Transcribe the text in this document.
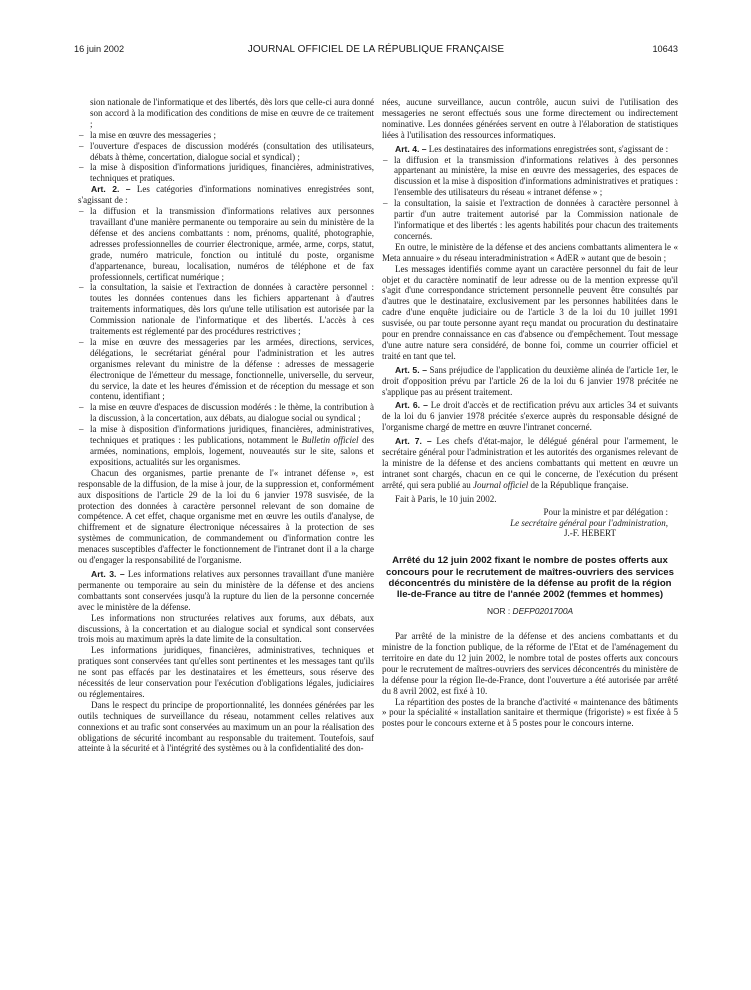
16 juin 2002	JOURNAL OFFICIEL DE LA RÉPUBLIQUE FRANÇAISE	10643
sion nationale de l'informatique et des libertés, dès lors que celle-ci aura donné son accord à la modification des conditions de mise en œuvre de ce traitement ;
– la mise en œuvre des messageries ;
– l'ouverture d'espaces de discussion modérés (consultation des utilisateurs, débats à thème, concertation, dialogue social et syndical) ;
– la mise à disposition d'informations juridiques, financières, administratives, techniques et pratiques.

Art. 2. – Les catégories d'informations nominatives enregistrées sont, s'agissant de :

– la diffusion et la transmission d'informations relatives aux personnes travaillant d'une manière permanente ou temporaire au sein du ministère de la défense et des anciens combattants : nom, prénoms, qualité, photographie, adresses professionnelles de courrier électronique, armée, arme, corps, statut, grade, numéro matricule, fonction ou intitulé du poste, organisme d'appartenance, bureau, localisation, numéros de téléphone et de fax professionnels, certificat numérique ;
– la consultation, la saisie et l'extraction de données à caractère personnel : toutes les données contenues dans les fichiers appartenant à d'autres traitements informatiques, dès lors qu'une telle utilisation est autorisée par la Commission nationale de l'informatique et des libertés. L'accès à ces traitements est réglementé par des procédures restrictives ;
– la mise en œuvre des messageries par les armées, directions, services, délégations, le secrétariat général pour l'administration et les autres organismes relevant du ministre de la défense : adresses de messagerie électronique de l'émetteur du message, fonctionnelle, universelle, du serveur, du service, la date et les heures d'émission et de réception du message et son contenu, identifiant ;
– la mise en œuvre d'espaces de discussion modérés : le thème, la contribution à la discussion, à la concertation, aux débats, au dialogue social ou syndical ;
– la mise à disposition d'informations juridiques, financières, administratives, techniques et pratiques : les publications, notamment le Bulletin officiel des armées, nominations, emplois, logement, nouveautés sur le site, salons et expositions, actualités sur les organismes.

Chacun des organismes, partie prenante de l'« intranet défense », est responsable de la diffusion, de la mise à jour, de la suppression et, conformément aux dispositions de l'article 29 de la loi du 6 janvier 1978 susvisée, de la protection des données à caractère personnel relevant de son domaine de compétence. A cet effet, chaque organisme met en œuvre les outils d'analyse, de chiffrement et de signature électronique nécessaires à la protection de ses systèmes de communication, de commandement ou d'information contre les menaces susceptibles d'affecter le fonctionnement de l'intranet dont il a la charge ou d'engager la responsabilité de l'organisme.

Art. 3. – Les informations relatives aux personnes travaillant d'une manière permanente ou temporaire au sein du ministère de la défense et des anciens combattants sont conservées jusqu'à la rupture du lien de la personne concernée avec le ministère de la défense.

Les informations non structurées relatives aux forums, aux débats, aux discussions, à la concertation et au dialogue social et syndical sont conservées trois mois au maximum après la date limite de la consultation.

Les informations juridiques, financières, administratives, techniques et pratiques sont conservées tant qu'elles sont pertinentes et les messages tant qu'ils ne sont pas effacés par les destinataires et les émetteurs, sous réserve des nécessités de leur conservation pour l'exécution d'obligations légales, judiciaires ou réglementaires.

Dans le respect du principe de proportionnalité, les données générées par les outils techniques de surveillance du réseau, notamment celles relatives aux connexions et au trafic sont conservées au maximum un an pour la réalisation des obligations de sécurité incombant au responsable du traitement. Toutefois, sauf atteinte à la sécurité et à l'intégrité des systèmes ou à la confidentialité des don-

nées, aucune surveillance, aucun contrôle, aucun suivi de l'utilisation des messageries ne seront effectués sous une forme directement ou indirectement nominative. Les données générées servent en outre à l'élaboration de statistiques liées à l'utilisation des ressources informatiques.

Art. 4. – Les destinataires des informations enregistrées sont, s'agissant de :

– la diffusion et la transmission d'informations relatives à des personnes appartenant au ministère, la mise en œuvre des messageries, des espaces de discussion et la mise à disposition d'informations administratives et pratiques : l'ensemble des utilisateurs du réseau « intranet défense » ;
– la consultation, la saisie et l'extraction de données à caractère personnel à partir d'un autre traitement autorisé par la Commission nationale de l'informatique et des libertés : les agents habilités pour chacun des traitements concernés.

En outre, le ministère de la défense et des anciens combattants alimentera le « Meta annuaire » du réseau interadministration « AdER » autant que de besoin ;

Les messages identifiés comme ayant un caractère personnel du fait de leur objet et du caractère nominatif de leur adresse ou de la mention expresse qu'il s'agit d'une correspondance strictement personnelle peuvent être consultés par d'autres que le destinataire, exclusivement par les personnes habilitées dans le cadre d'une enquête judiciaire ou de l'article 3 de la loi du 10 juillet 1991 susvisée, ou par toute personne ayant reçu mandat ou procuration du destinataire pour en prendre connaissance en cas d'absence ou d'empêchement. Tout message d'une autre nature sera considéré, de bonne foi, comme un courrier officiel et traité en tant que tel.

Art. 5. – Sans préjudice de l'application du deuxième alinéa de l'article 1er, le droit d'opposition prévu par l'article 26 de la loi du 6 janvier 1978 précitée ne s'applique pas au présent traitement.

Art. 6. – Le droit d'accès et de rectification prévu aux articles 34 et suivants de la loi du 6 janvier 1978 précitée s'exerce auprès du responsable désigné de l'organisme chargé de mettre en œuvre l'intranet concerné.

Art. 7. – Les chefs d'état-major, le délégué général pour l'armement, le secrétaire général pour l'administration et les autorités des organismes relevant de la ministre de la défense et des anciens combattants qui mettent en œuvre un intranet sont chargés, chacun en ce qui le concerne, de l'exécution du présent arrêté, qui sera publié au Journal officiel de la République française.

Fait à Paris, le 10 juin 2002.

Pour la ministre et par délégation :
Le secrétaire général pour l'administration,
J.-F. HEBERT
Arrêté du 12 juin 2002 fixant le nombre de postes offerts aux concours pour le recrutement de maîtres-ouvriers des services déconcentrés du ministère de la défense au profit de la région Ile-de-France au titre de l'année 2002 (femmes et hommes)
NOR : DEFP0201700A

Par arrêté de la ministre de la défense et des anciens combattants et du ministre de la fonction publique, de la réforme de l'Etat et de l'aménagement du territoire en date du 12 juin 2002, le nombre total de postes offerts aux concours pour le recrutement de maîtres-ouvriers des services déconcentrés du ministère de la défense pour la région Ile-de-France, dont l'ouverture a été autorisée par arrêté du 8 avril 2002, est fixé à 10.

La répartition des postes de la branche d'activité « maintenance des bâtiments » pour la spécialité « installation sanitaire et thermique (frigoriste) » est fixée à 5 postes pour le concours externe et à 5 postes pour le concours interne.
